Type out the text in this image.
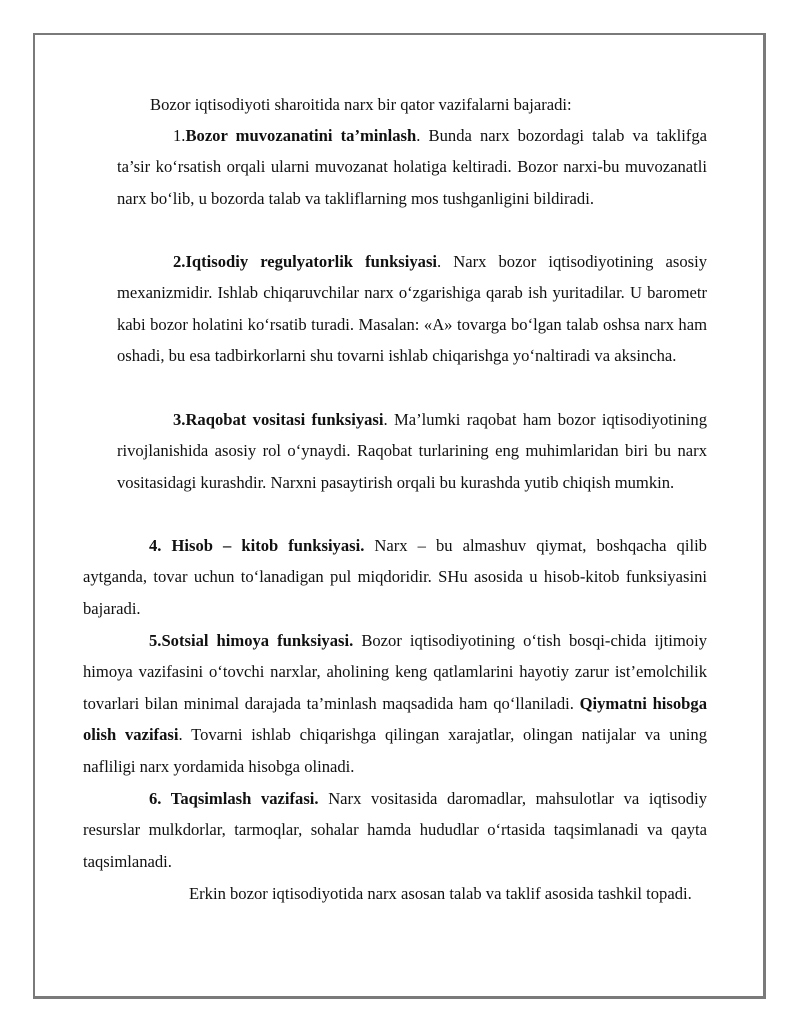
Bozor iqtisodiyoti sharoitida narx bir qator vazifalarni bajaradi:

1.Bozor muvozanatini ta’minlash. Bunda narx bozordagi talab va taklifga ta’sir ko‘rsatish orqali ularni muvozanat holatiga keltiradi. Bozor narxi-bu muvozanatli narx bo‘lib, u bozorda talab va takliflarning mos tushganligini bildiradi.

2.Iqtisodiy regulyatorlik funksiyasi. Narx bozor iqtisodiyotining asosiy mexanizmidir. Ishlab chiqaruvchilar narx o‘zgarishiga qarab ish yuritadilar. U barometr kabi bozor holatini ko‘rsatib turadi. Masalan: «A» tovarga bo‘lgan talab oshsa narx ham oshadi, bu esa tadbirkorlarni shu tovarni ishlab chiqarishga yo‘naltiradi va aksincha.

3.Raqobat vositasi funksiyasi. Ma’lumki raqobat ham bozor iqtisodiyotining rivojlanishida asosiy rol o‘ynaydi. Raqobat turlarining eng muhimlaridan biri bu narx vositasidagi kurashdir. Narxni pasaytirish orqali bu kurashda yutib chiqish mumkin.

4. Hisob – kitob funksiyasi. Narx – bu almashuv qiymat, boshqacha qilib aytganda, tovar uchun to‘lanadigan pul miqdoridir. SHu asosida u hisob-kitob funksiyasini bajaradi.

5.Sotsial himoya funksiyasi. Bozor iqtisodiyotining o‘tish bosqi-chida ijtimoiy himoya vazifasini o‘tovchi narxlar, aholining keng qatlamlarini hayotiy zarur ist’emolchilik tovarlari bilan minimal darajada ta’minlash maqsadida ham qo‘llaniladi. Qiymatni hisobga olish vazifasi. Tovarni ishlab chiqarishga qilingan xarajatlar, olingan natijalar va uning nafliligi narx yordamida hisobga olinadi.

6. Taqsimlash vazifasi. Narx vositasida daromadlar, mahsulotlar va iqtisodiy resurslar mulkdorlar, tarmoqlar, sohalar hamda hududlar o‘rtasida taqsimlanadi va qayta taqsimlanadi.

Erkin bozor iqtisodiyotida narx asosan talab va taklif asosida tashkil topadi.
